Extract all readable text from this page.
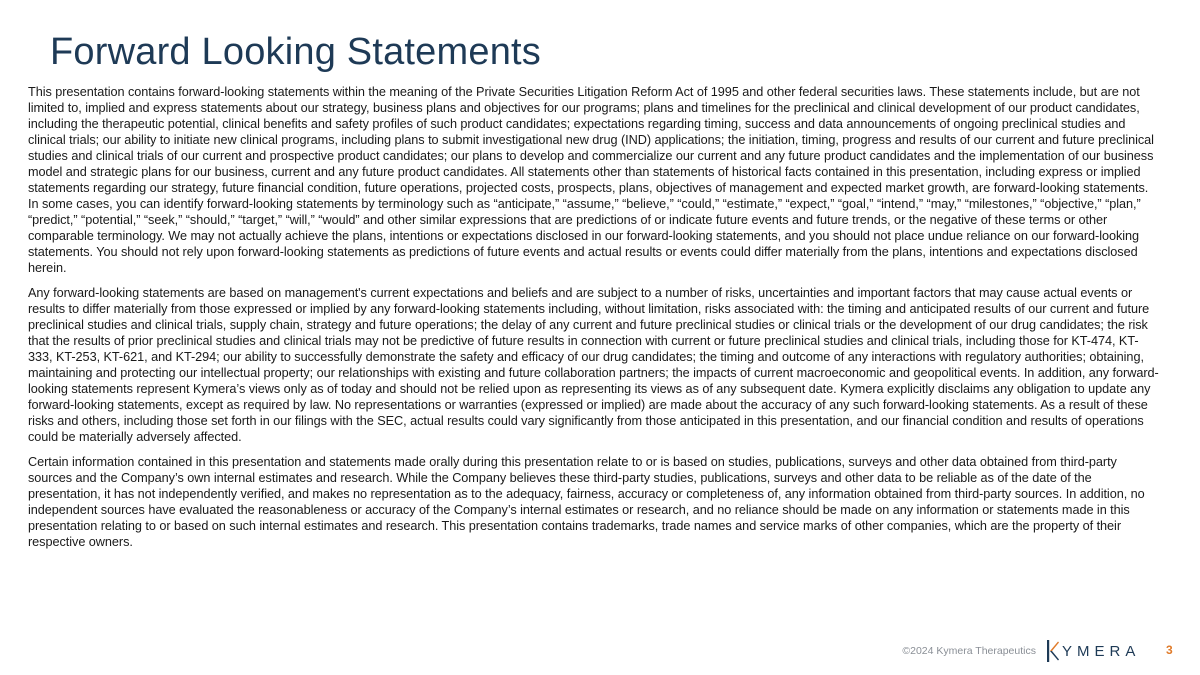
Forward Looking Statements

This presentation contains forward-looking statements within the meaning of the Private Securities Litigation Reform Act of 1995 and other federal securities laws. These statements include, but are not limited to, implied and express statements about our strategy, business plans and objectives for our programs; plans and timelines for the preclinical and clinical development of our product candidates, including the therapeutic potential, clinical benefits and safety profiles of such product candidates; expectations regarding timing, success and data announcements of ongoing preclinical studies and clinical trials; our ability to initiate new clinical programs, including plans to submit investigational new drug (IND) applications; the initiation, timing, progress and results of our current and future preclinical studies and clinical trials of our current and prospective product candidates; our plans to develop and commercialize our current and any future product candidates and the implementation of our business model and strategic plans for our business, current and any future product candidates. All statements other than statements of historical facts contained in this presentation, including express or implied statements regarding our strategy, future financial condition, future operations, projected costs, prospects, plans, objectives of management and expected market growth, are forward-looking statements. In some cases, you can identify forward-looking statements by terminology such as “anticipate,” “assume,” “believe,” “could,” “estimate,” “expect,” “goal,” “intend,” “may,” “milestones,” “objective,” “plan,” “predict,” “potential,” “seek,” “should,” “target,” “will,” “would” and other similar expressions that are predictions of or indicate future events and future trends, or the negative of these terms or other comparable terminology. We may not actually achieve the plans, intentions or expectations disclosed in our forward-looking statements, and you should not place undue reliance on our forward-looking statements. You should not rely upon forward-looking statements as predictions of future events and actual results or events could differ materially from the plans, intentions and expectations disclosed herein.

Any forward-looking statements are based on management's current expectations and beliefs and are subject to a number of risks, uncertainties and important factors that may cause actual events or results to differ materially from those expressed or implied by any forward-looking statements including, without limitation, risks associated with: the timing and anticipated results of our current and future preclinical studies and clinical trials, supply chain, strategy and future operations; the delay of any current and future preclinical studies or clinical trials or the development of our drug candidates; the risk that the results of prior preclinical studies and clinical trials may not be predictive of future results in connection with current or future preclinical studies and clinical trials, including those for KT-474, KT-333, KT-253, KT-621, and KT-294; our ability to successfully demonstrate the safety and efficacy of our drug candidates; the timing and outcome of any interactions with regulatory authorities; obtaining, maintaining and protecting our intellectual property; our relationships with existing and future collaboration partners; the impacts of current macroeconomic and geopolitical events. In addition, any forward-looking statements represent Kymera’s views only as of today and should not be relied upon as representing its views as of any subsequent date. Kymera explicitly disclaims any obligation to update any forward-looking statements, except as required by law. No representations or warranties (expressed or implied) are made about the accuracy of any such forward-looking statements. As a result of these risks and others, including those set forth in our filings with the SEC, actual results could vary significantly from those anticipated in this presentation, and our financial condition and results of operations could be materially adversely affected.

Certain information contained in this presentation and statements made orally during this presentation relate to or is based on studies, publications, surveys and other data obtained from third-party sources and the Company’s own internal estimates and research. While the Company believes these third-party studies, publications, surveys and other data to be reliable as of the date of the presentation, it has not independently verified, and makes no representation as to the adequacy, fairness, accuracy or completeness of, any information obtained from third-party sources. In addition, no independent sources have evaluated the reasonableness or accuracy of the Company’s internal estimates or research, and no reliance should be made on any information or statements made in this presentation relating to or based on such internal estimates and research. This presentation contains trademarks, trade names and service marks of other companies, which are the property of their respective owners.

©2024 Kymera Therapeutics YMERA 3
